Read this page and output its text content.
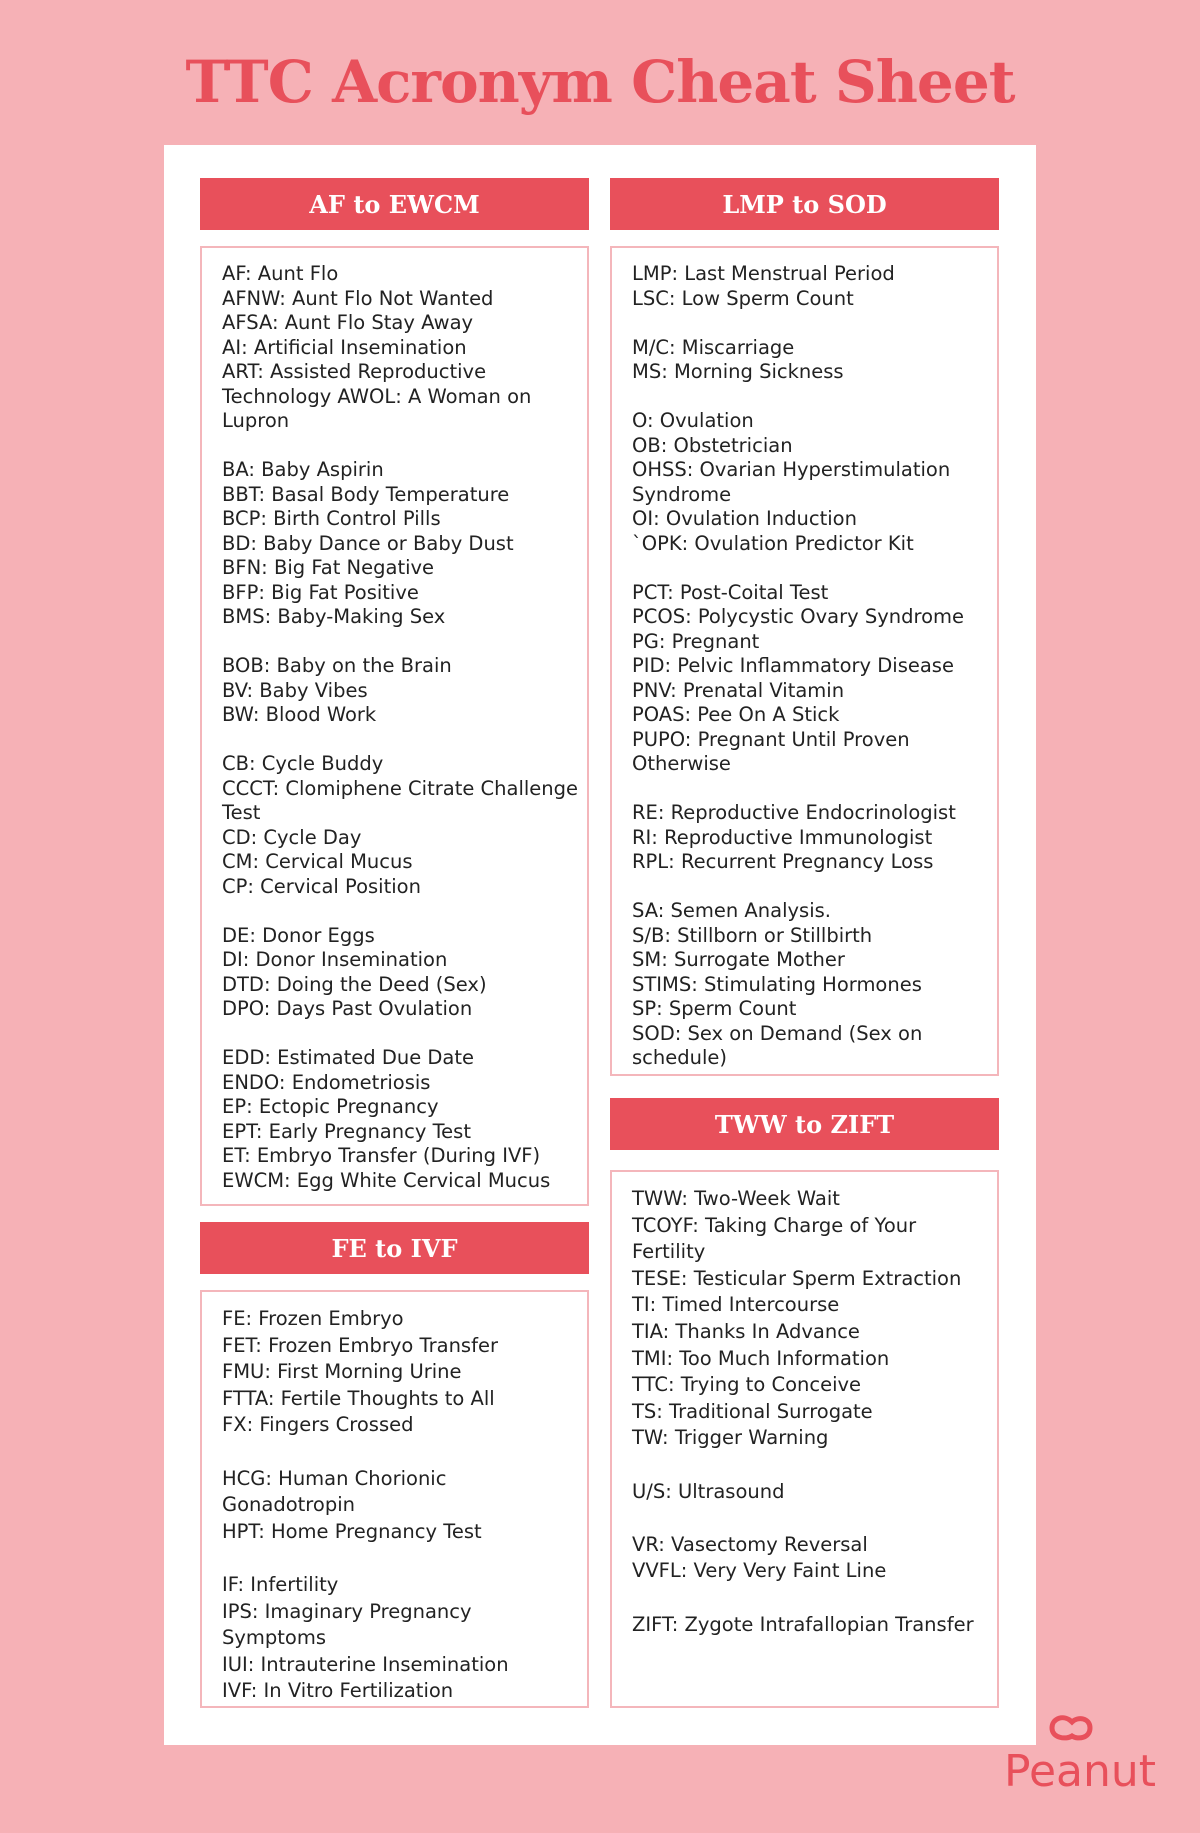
TTC Acronym Cheat Sheet
AF to EWCM
AF: Aunt Flo
AFNW: Aunt Flo Not Wanted
AFSA: Aunt Flo Stay Away
AI: Artificial Insemination
ART: Assisted Reproductive
Technology AWOL: A Woman on
Lupron
BA: Baby Aspirin
BBT: Basal Body Temperature
BCP: Birth Control Pills
BD: Baby Dance or Baby Dust
BFN: Big Fat Negative
BFP: Big Fat Positive
BMS: Baby-Making Sex
BOB: Baby on the Brain
BV: Baby Vibes
BW: Blood Work
CB: Cycle Buddy
CCCT: Clomiphene Citrate Challenge
Test
CD: Cycle Day
CM: Cervical Mucus
CP: Cervical Position
DE: Donor Eggs
DI: Donor Insemination
DTD: Doing the Deed (Sex)
DPO: Days Past Ovulation
EDD: Estimated Due Date
ENDO: Endometriosis
EP: Ectopic Pregnancy
EPT: Early Pregnancy Test
ET: Embryo Transfer (During IVF)
EWCM: Egg White Cervical Mucus
FE to IVF
FE: Frozen Embryo
FET: Frozen Embryo Transfer
FMU: First Morning Urine
FTTA: Fertile Thoughts to All
FX: Fingers Crossed
HCG: Human Chorionic
Gonadotropin
HPT: Home Pregnancy Test
IF: Infertility
IPS: Imaginary Pregnancy
Symptoms
IUI: Intrauterine Insemination
IVF: In Vitro Fertilization
LMP to SOD
LMP: Last Menstrual Period
LSC: Low Sperm Count
M/C: Miscarriage
MS: Morning Sickness
O: Ovulation
OB: Obstetrician
OHSS: Ovarian Hyperstimulation
Syndrome
OI: Ovulation Induction
`OPK: Ovulation Predictor Kit
PCT: Post-Coital Test
PCOS: Polycystic Ovary Syndrome
PG: Pregnant
PID: Pelvic Inflammatory Disease
PNV: Prenatal Vitamin
POAS: Pee On A Stick
PUPO: Pregnant Until Proven
Otherwise
RE: Reproductive Endocrinologist
RI: Reproductive Immunologist
RPL: Recurrent Pregnancy Loss
SA: Semen Analysis.
S/B: Stillborn or Stillbirth
SM: Surrogate Mother
STIMS: Stimulating Hormones
SP: Sperm Count
SOD: Sex on Demand (Sex on
schedule)
TWW to ZIFT
TWW: Two-Week Wait
TCOYF: Taking Charge of Your
Fertility
TESE: Testicular Sperm Extraction
TI: Timed Intercourse
TIA: Thanks In Advance
TMI: Too Much Information
TTC: Trying to Conceive
TS: Traditional Surrogate
TW: Trigger Warning
U/S: Ultrasound
VR: Vasectomy Reversal
VVFL: Very Very Faint Line
ZIFT: Zygote Intrafallopian Transfer
Peanut
